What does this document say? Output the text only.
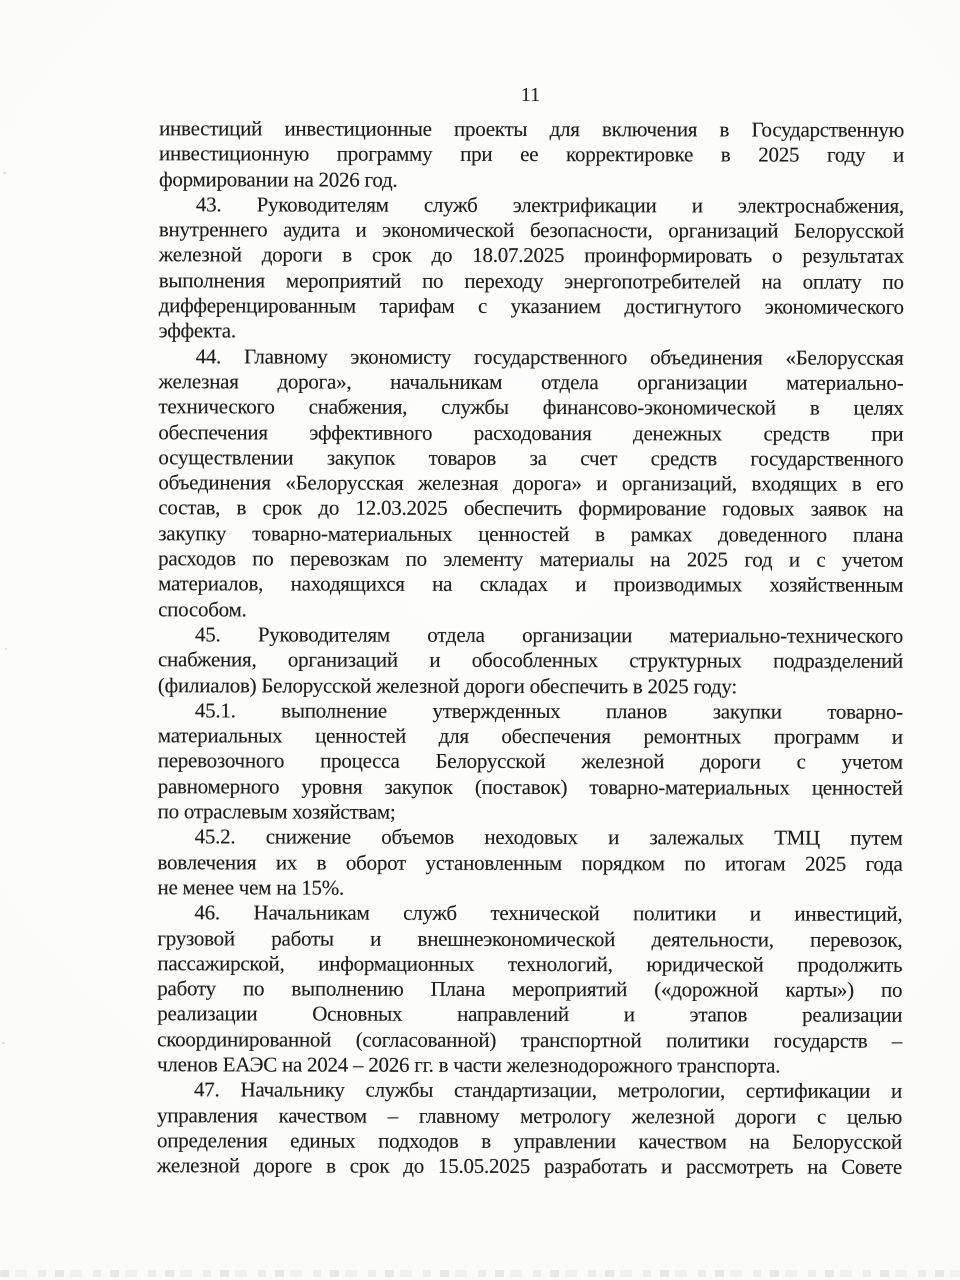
11
инвестиций инвестиционные проекты для включения в Государственную
инвестиционную программу при ее корректировке в 2025 году и
формировании на 2026 год.
43. Руководителям служб электрификации и электроснабжения,
внутреннего аудита и экономической безопасности, организаций Белорусской
железной дороги в срок до 18.07.2025 проинформировать о результатах
выполнения мероприятий по переходу энергопотребителей на оплату по
дифференцированным тарифам с указанием достигнутого экономического
эффекта.
44. Главному экономисту государственного объединения «Белорусская
железная дорога», начальникам отдела организации материально-
технического снабжения, службы финансово-экономической в целях
обеспечения эффективного расходования денежных средств при
осуществлении закупок товаров за счет средств государственного
объединения «Белорусская железная дорога» и организаций, входящих в его
состав, в срок до 12.03.2025 обеспечить формирование годовых заявок на
закупку товарно-материальных ценностей в рамках доведенного плана
расходов по перевозкам по элементу материалы на 2025 год и с учетом
материалов, находящихся на складах и производимых хозяйственным
способом.
45. Руководителям отдела организации материально-технического
снабжения, организаций и обособленных структурных подразделений
(филиалов) Белорусской железной дороги обеспечить в 2025 году:
45.1. выполнение утвержденных планов закупки товарно-
материальных ценностей для обеспечения ремонтных программ и
перевозочного процесса Белорусской железной дороги с учетом
равномерного уровня закупок (поставок) товарно-материальных ценностей
по отраслевым хозяйствам;
45.2. снижение объемов неходовых и залежалых ТМЦ путем
вовлечения их в оборот установленным порядком по итогам 2025 года
не менее чем на 15%.
46. Начальникам служб технической политики и инвестиций,
грузовой работы и внешнеэкономической деятельности, перевозок,
пассажирской, информационных технологий, юридической продолжить
работу по выполнению Плана мероприятий («дорожной карты») по
реализации Основных направлений и этапов реализации
скоординированной (согласованной) транспортной политики государств –
членов ЕАЭС на 2024 – 2026 гг. в части железнодорожного транспорта.
47. Начальнику службы стандартизации, метрологии, сертификации и
управления качеством – главному метрологу железной дороги с целью
определения единых подходов в управлении качеством на Белорусской
железной дороге в срок до 15.05.2025 разработать и рассмотреть на Совете
